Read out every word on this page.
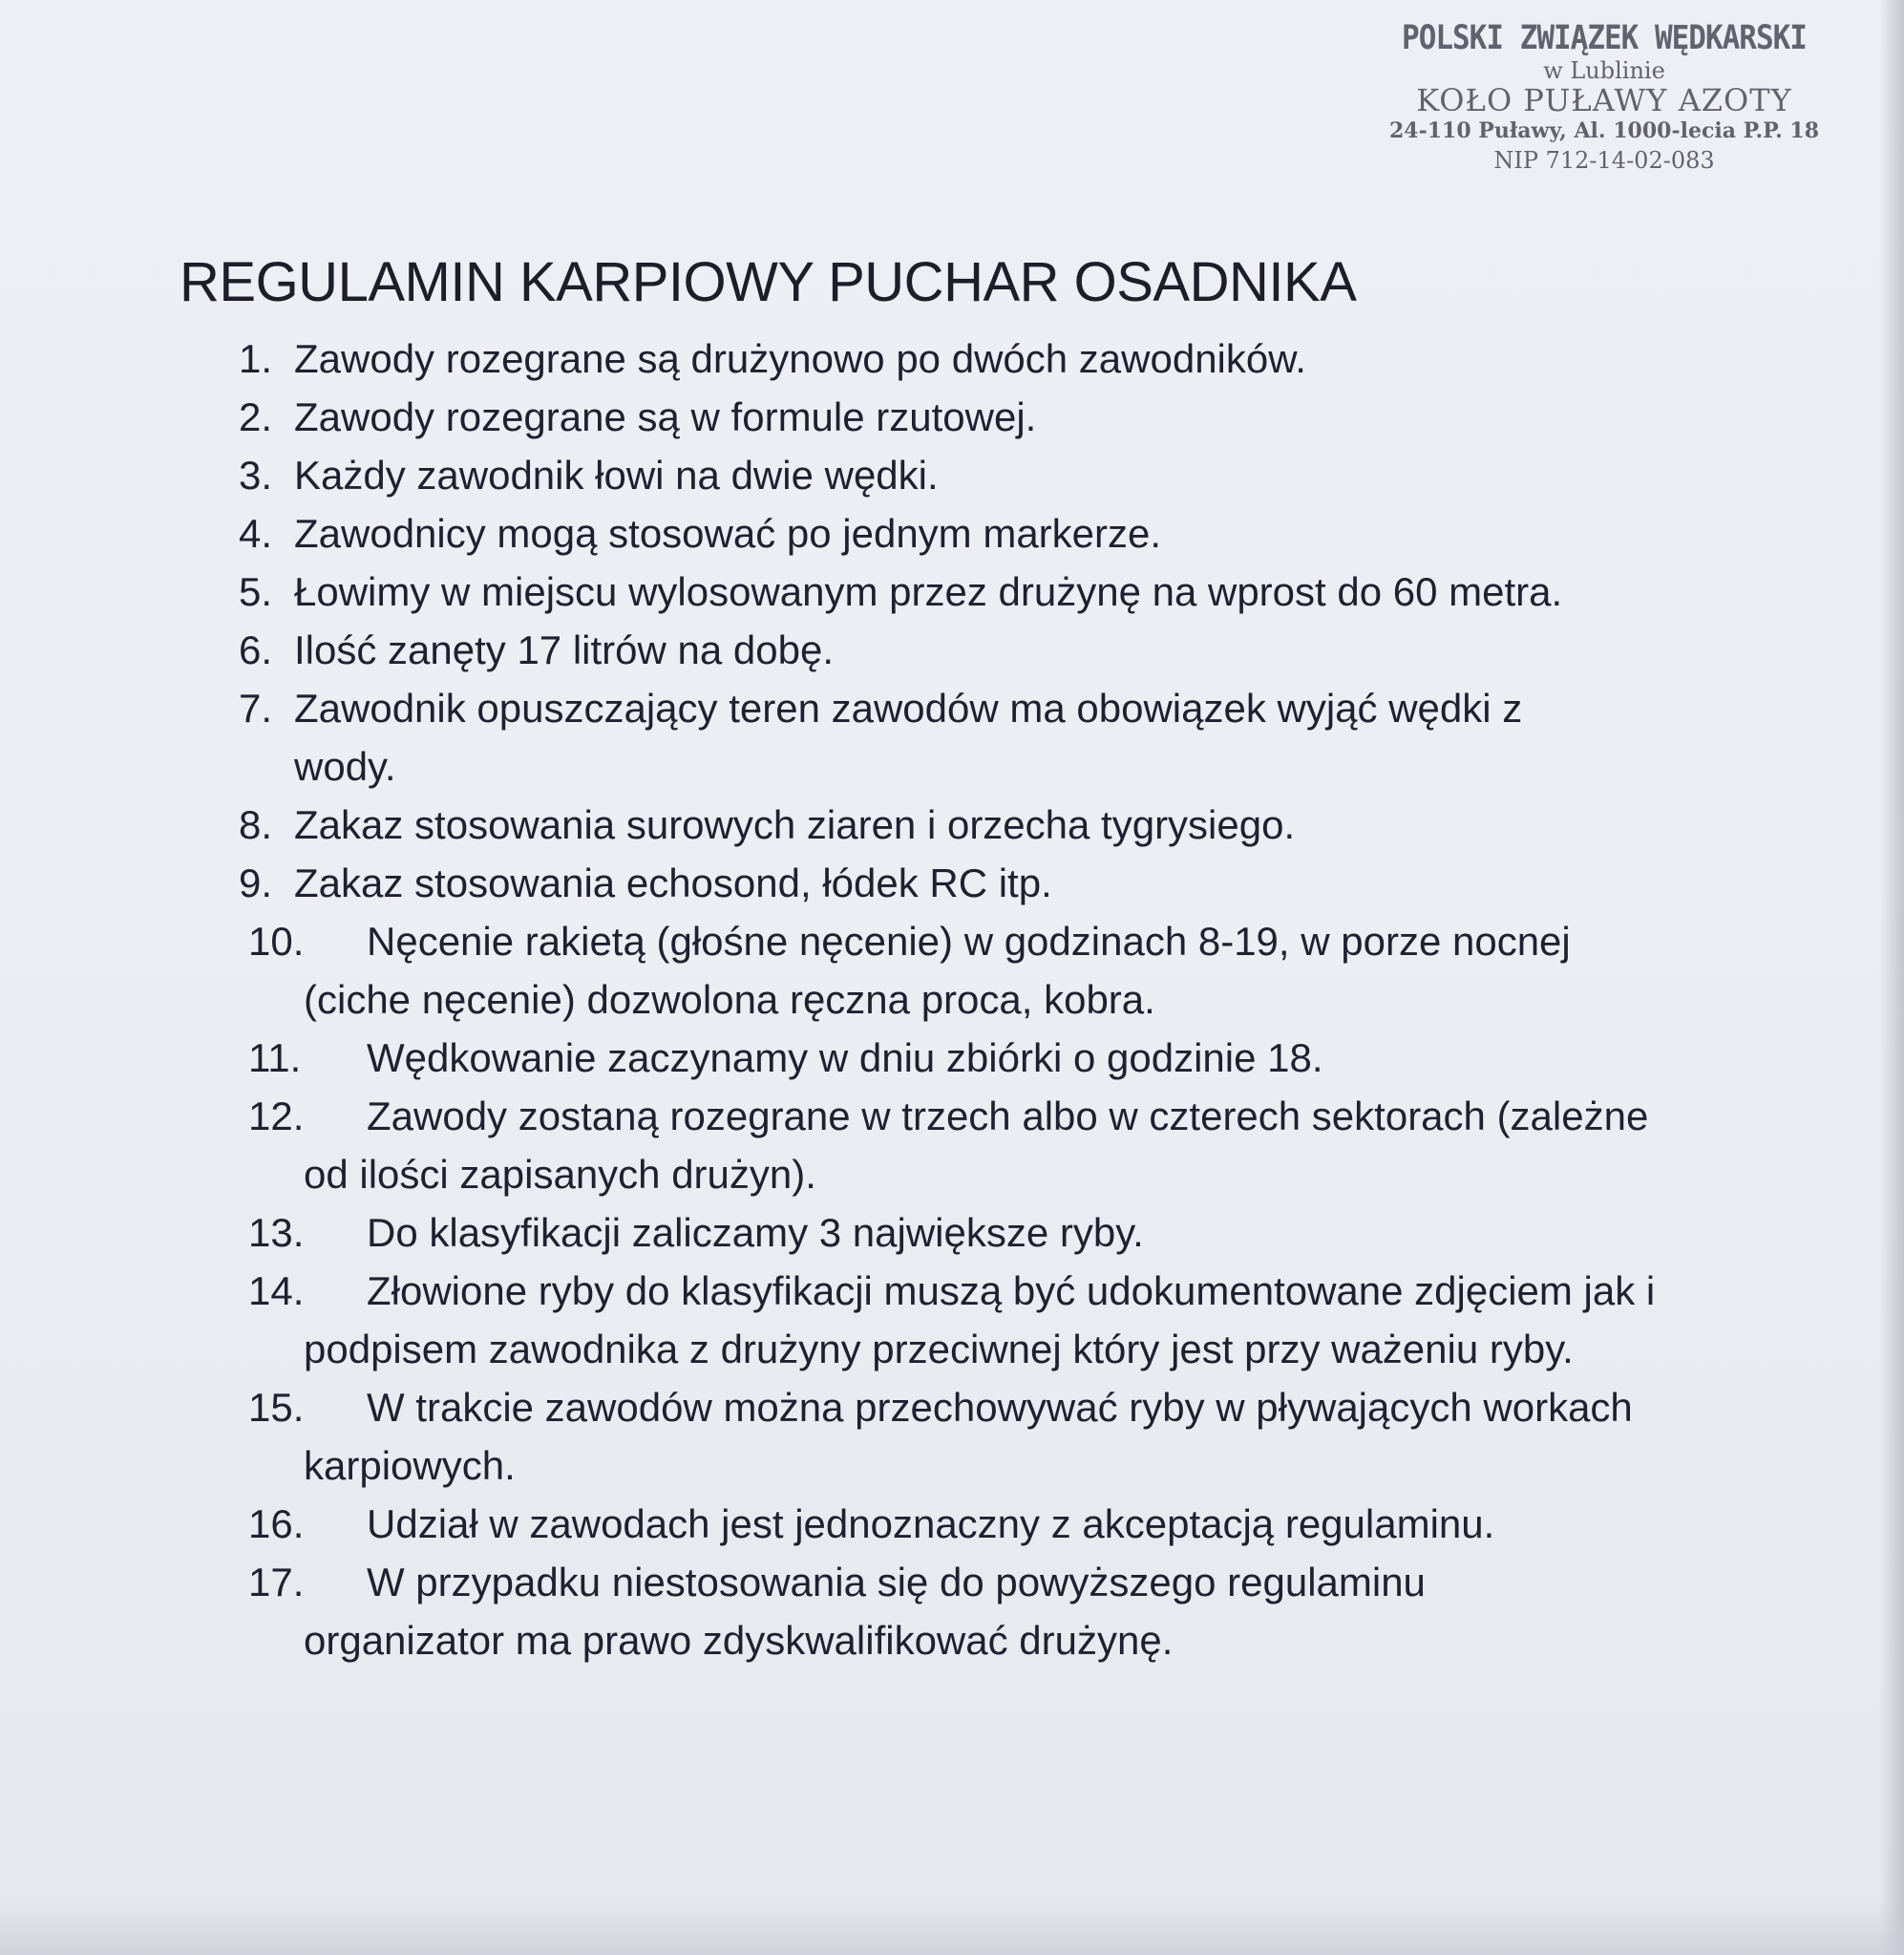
POLSKI ZWIĄZEK WĘDKARSKI
w Lublinie
KOŁO PUŁAWY AZOTY
24-110 Puławy, Al. 1000-lecia P.P. 18
NIP 712-14-02-083
REGULAMIN KARPIOWY PUCHAR OSADNIKA
1. Zawody rozegrane są drużynowo po dwóch zawodników.
2. Zawody rozegrane są w formule rzutowej.
3. Każdy zawodnik łowi na dwie wędki.
4. Zawodnicy mogą stosować po jednym markerze.
5. Łowimy w miejscu wylosowanym przez drużynę na wprost do 60 metra.
6. Ilość zanęty 17 litrów na dobę.
7. Zawodnik opuszczający teren zawodów ma obowiązek wyjąć wędki z wody.
8. Zakaz stosowania surowych ziaren i orzecha tygrysiego.
9. Zakaz stosowania echosond, łódek RC itp.
10.	Nęcenie rakietą (głośne nęcenie) w godzinach 8-19, w porze nocnej (ciche nęcenie) dozwolona ręczna proca, kobra.
11.	Wędkowanie zaczynamy w dniu zbiórki o godzinie 18.
12.	Zawody zostaną rozegrane w trzech albo w czterech sektorach (zależne od ilości zapisanych drużyn).
13.	Do klasyfikacji zaliczamy 3 największe ryby.
14.	Złowione ryby do klasyfikacji muszą być udokumentowane zdjęciem jak i podpisem zawodnika z drużyny przeciwnej który jest przy ważeniu ryby.
15.	W trakcie zawodów można przechowywać ryby w pływających workach karpiowych.
16.	Udział w zawodach jest jednoznaczny z akceptacją regulaminu.
17.	W przypadku niestosowania się do powyższego regulaminu organizator ma prawo zdyskwalifikować drużynę.
